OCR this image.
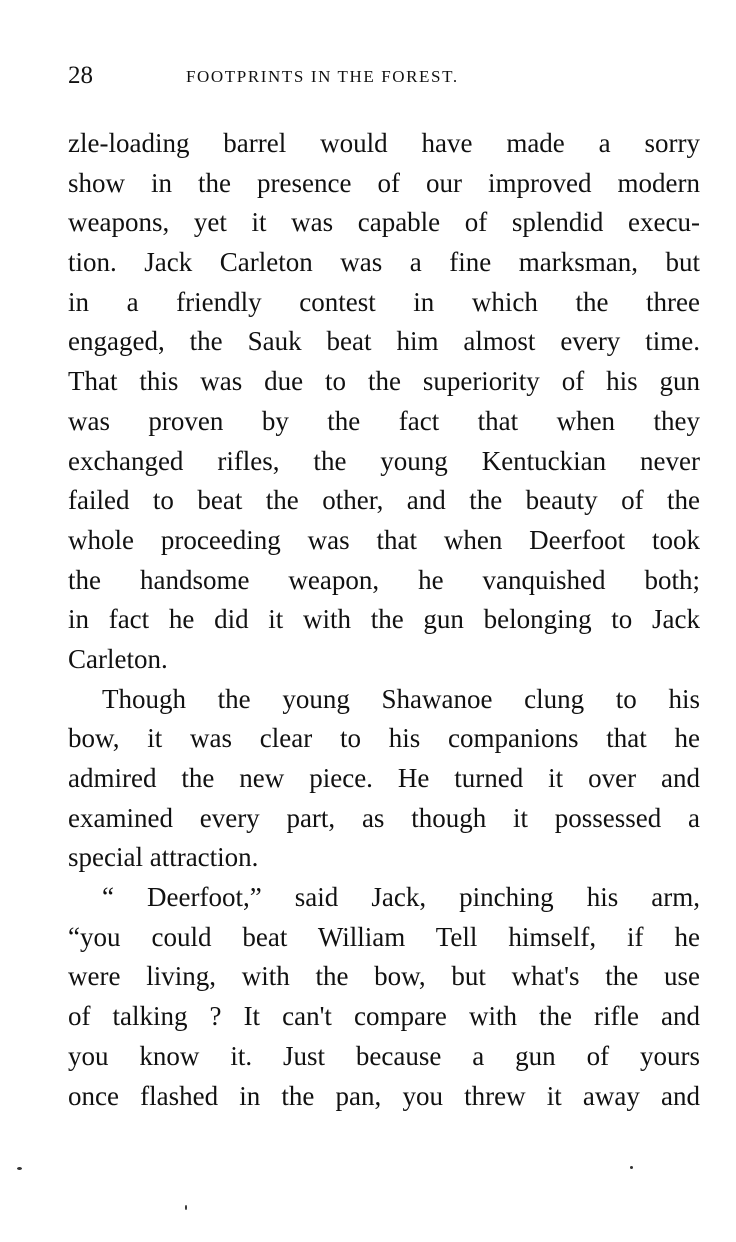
28	FOOTPRINTS IN THE FOREST.
zle-loading barrel would have made a sorry
show in the presence of our improved modern
weapons, yet it was capable of splendid execu-
tion. Jack Carleton was a fine marksman, but
in a friendly contest in which the three
engaged, the Sauk beat him almost every time.
That this was due to the superiority of his gun
was proven by the fact that when they
exchanged rifles, the young Kentuckian never
failed to beat the other, and the beauty of the
whole proceeding was that when Deerfoot took
the handsome weapon, he vanquished both;
in fact he did it with the gun belonging to Jack
Carleton.
Though the young Shawanoe clung to his
bow, it was clear to his companions that he
admired the new piece. He turned it over and
examined every part, as though it possessed a
special attraction.
“ Deerfoot,” said Jack, pinching his arm,
“you could beat William Tell himself, if he
were living, with the bow, but what's the use
of talking ? It can't compare with the rifle and
you know it. Just because a gun of yours
once flashed in the pan, you threw it away and
